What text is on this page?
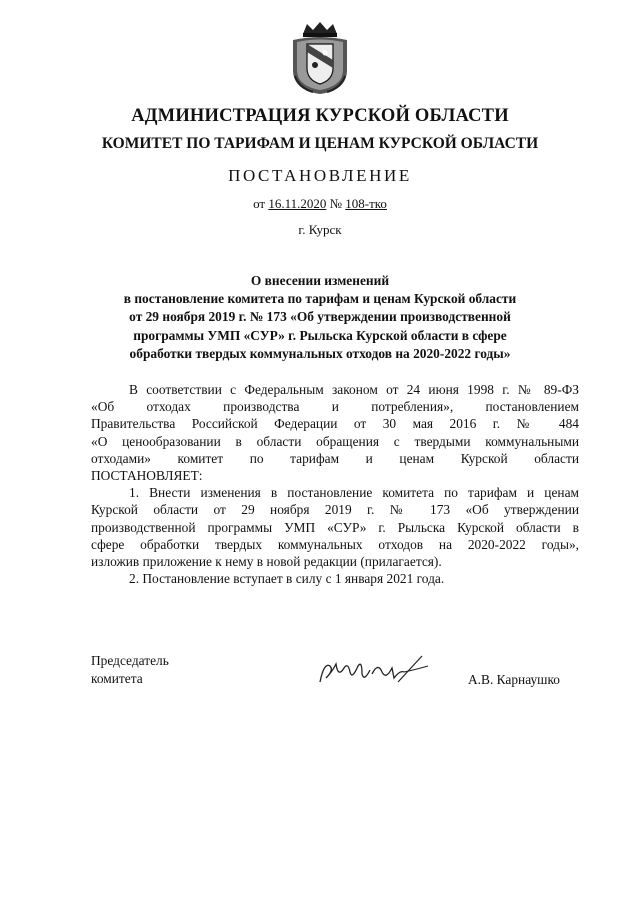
АДМИНИСТРАЦИЯ КУРСКОЙ ОБЛАСТИ
КОМИТЕТ ПО ТАРИФАМ И ЦЕНАМ КУРСКОЙ ОБЛАСТИ
ПОСТАНОВЛЕНИЕ
от 16.11.2020 № 108-тко
г. Курск
О внесении изменений
в постановление комитета по тарифам и ценам Курской области
от 29 ноября 2019 г. № 173 «Об утверждении производственной
программы УМП «СУР» г. Рыльска Курской области в сфере
обработки твердых коммунальных отходов на 2020-2022 годы»
В соответствии с Федеральным законом от 24 июня 1998 г. № 89-ФЗ
«Об отходах производства и потребления», постановлением
Правительства Российской Федерации от 30 мая 2016 г. № 484
«О ценообразовании в области обращения с твердыми коммунальными
отходами» комитет по тарифам и ценам Курской области
ПОСТАНОВЛЯЕТ:
1. Внести изменения в постановление комитета по тарифам и ценам
Курской области от 29 ноября 2019 г. № 173 «Об утверждении
производственной программы УМП «СУР» г. Рыльска Курской области в
сфере обработки твердых коммунальных отходов на 2020-2022 годы»,
изложив приложение к нему в новой редакции (прилагается).
2. Постановление вступает в силу с 1 января 2021 года.
Председатель
комитета	А.В. Карнаушко
